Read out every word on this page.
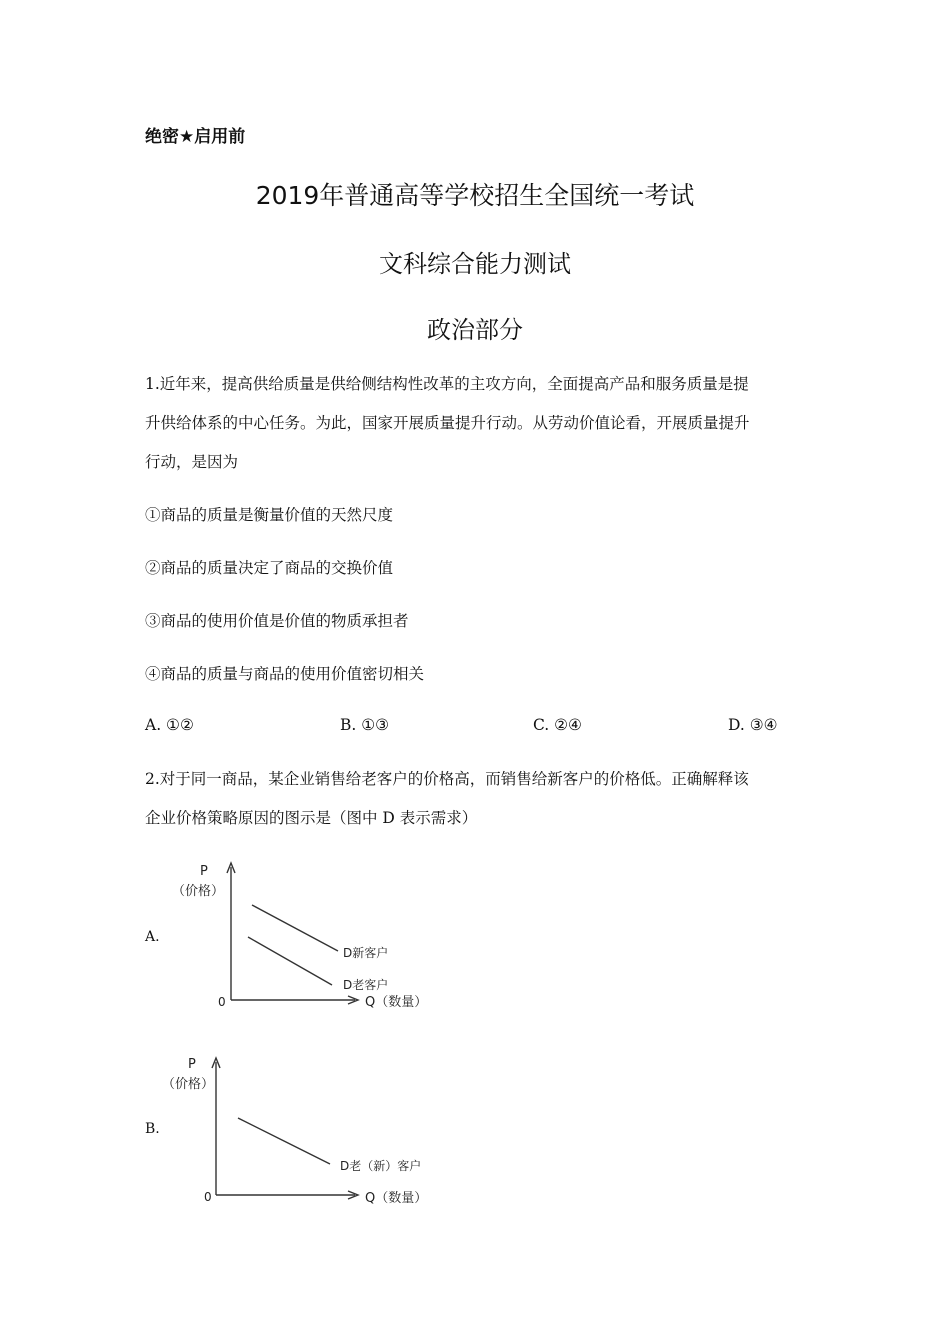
绝密★启用前
2019年普通高等学校招生全国统一考试
文科综合能力测试
政治部分
1.近年来，提高供给质量是供给侧结构性改革的主攻方向，全面提高产品和服务质量是提
升供给体系的中心任务。为此，国家开展质量提升行动。从劳动价值论看，开展质量提升
行动，是因为
①商品的质量是衡量价值的天然尺度
②商品的质量决定了商品的交换价值
③商品的使用价值是价值的物质承担者
④商品的质量与商品的使用价值密切相关
A. ①②	B. ①③	C. ②④	D. ③④
2.对于同一商品，某企业销售给老客户的价格高，而销售给新客户的价格低。正确解释该
企业价格策略原因的图示是（图中 D 表示需求）
A.
P
（价格）
0	Q（数量）
D新客户
D老客户
B.
P
（价格）
0	Q（数量）
D老（新）客户
